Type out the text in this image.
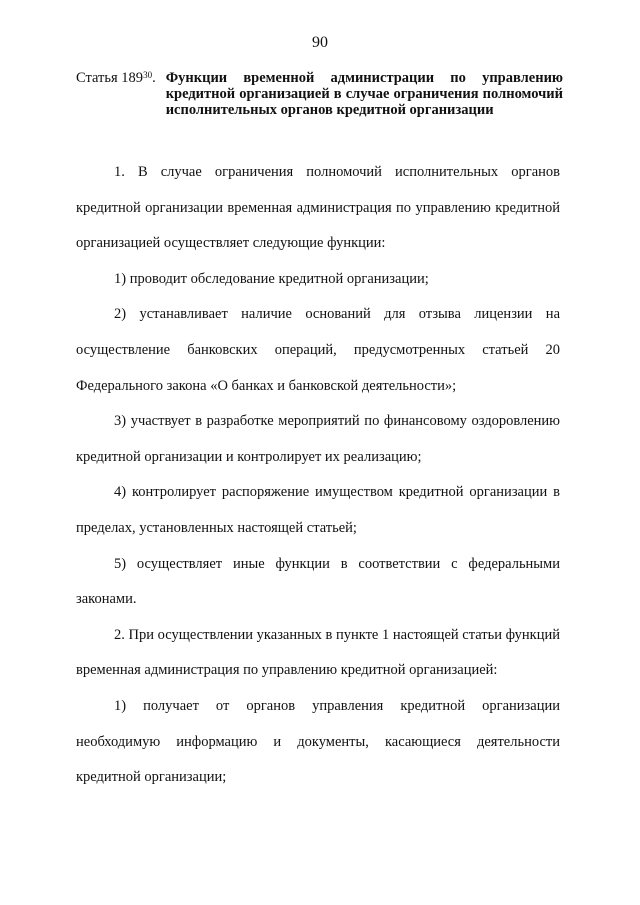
90
Статья $189^{30}$. Функции временной администрации по управлению кредитной организацией в случае ограничения полномочий исполнительных органов кредитной организации

1. В случае ограничения полномочий исполнительных органов кредитной организации временная администрация по управлению кредитной организацией осуществляет следующие функции:

1) проводит обследование кредитной организации;

2) устанавливает наличие оснований для отзыва лицензии на осуществление банковских операций, предусмотренных статьей 20 Федерального закона «О банках и банковской деятельности»;

3) участвует в разработке мероприятий по финансовому оздоровлению кредитной организации и контролирует их реализацию;

4) контролирует распоряжение имуществом кредитной организации в пределах, установленных настоящей статьей;

5) осуществляет иные функции в соответствии с федеральными законами.

2. При осуществлении указанных в пункте 1 настоящей статьи функций временная администрация по управлению кредитной организацией:

1) получает от органов управления кредитной организации необходимую информацию и документы, касающиеся деятельности кредитной организации;
